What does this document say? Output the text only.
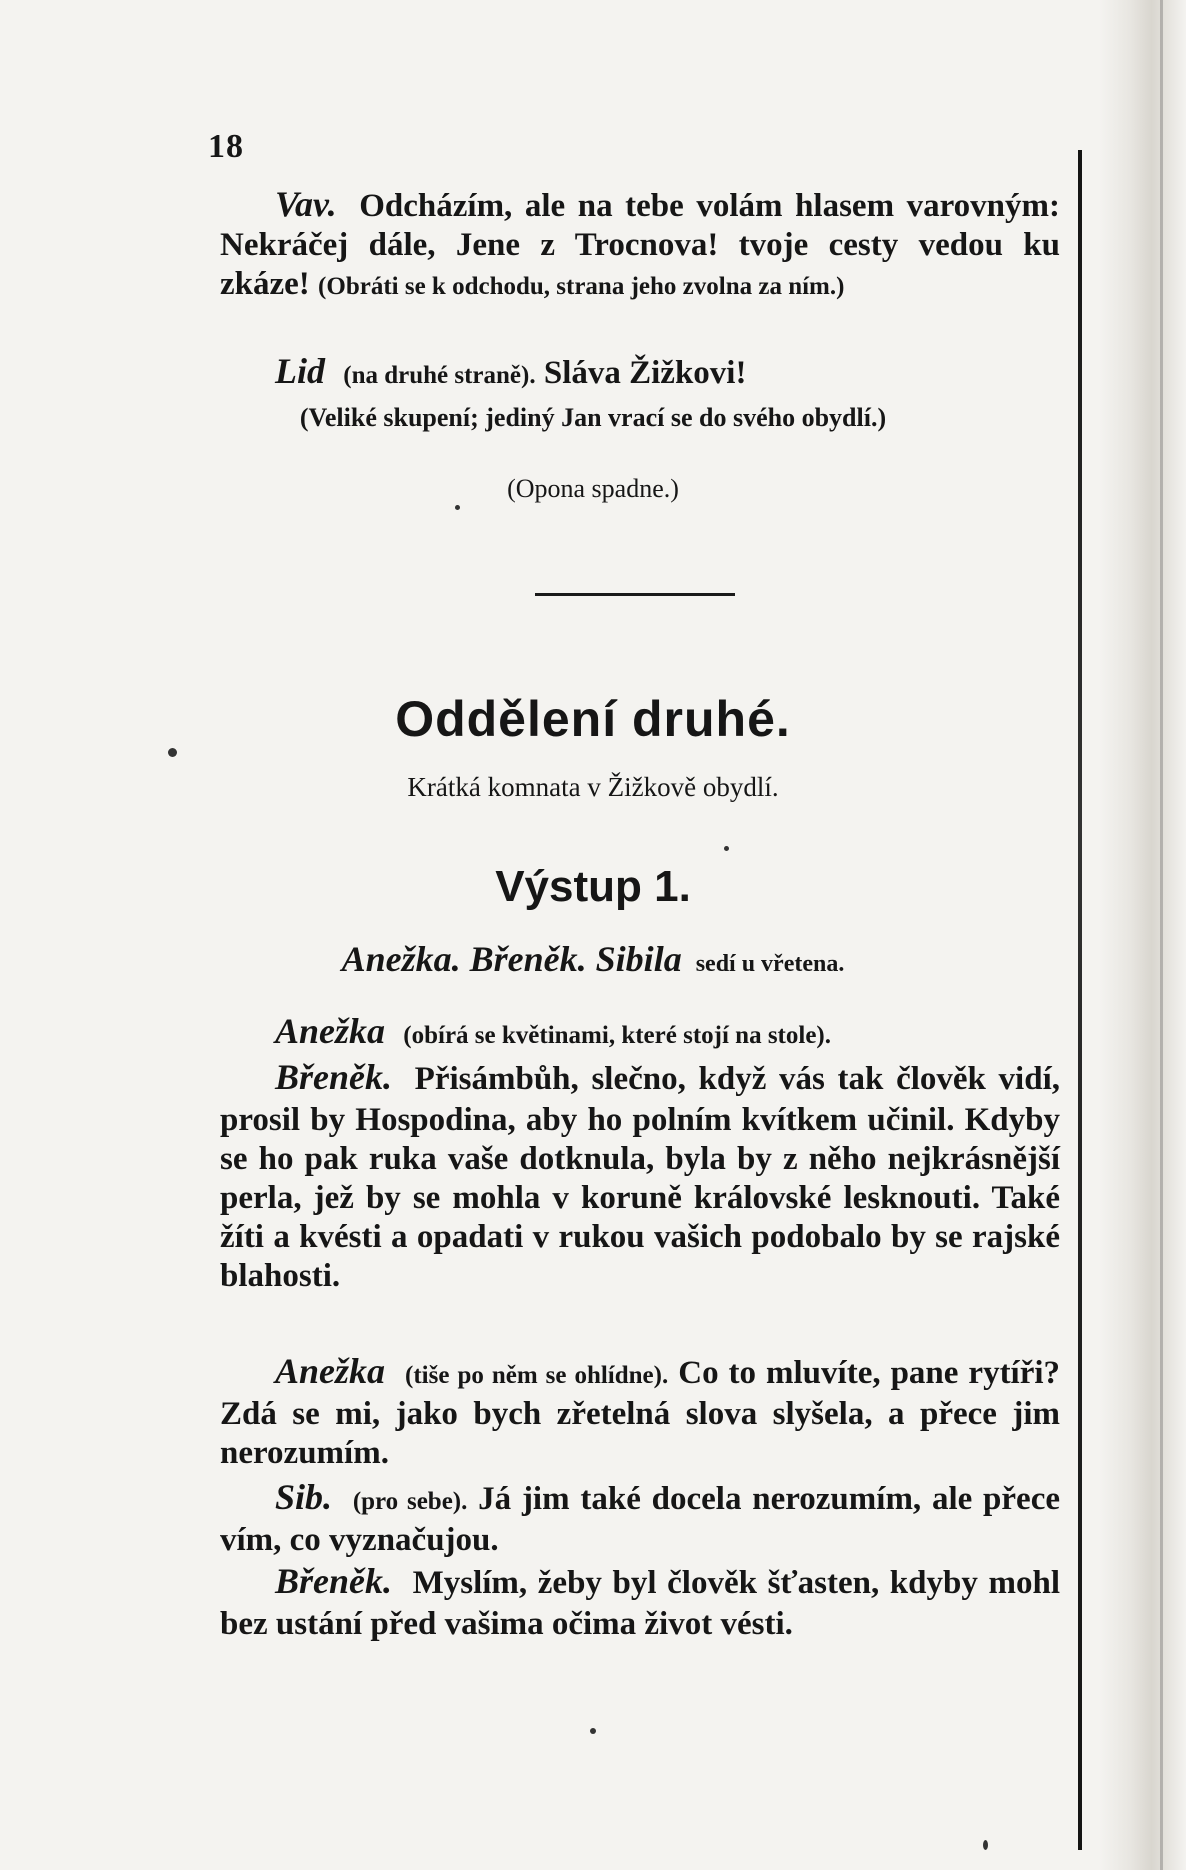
18
Vav. Odcházím, ale na tebe volám hlasem varovným: Nekráčej dále, Jene z Trocnova! tvoje cesty vedou ku zkáze! (Obráti se k odchodu, strana jeho zvolna za ním.)
Lid (na druhé straně). Sláva Žižkovi!
(Veliké skupení; jediný Jan vrací se do svého obydlí.)
(Opona spadne.)
Oddělení druhé.
Krátká komnata v Žižkově obydlí.
Výstup 1.
Anežka. Břeněk. Sibila sedí u vřetena.
Anežka (obírá se květinami, které stojí na stole).
Břeněk. Přisámbůh, slečno, když vás tak člověk vidí, prosil by Hospodina, aby ho polním kvítkem učinil. Kdyby se ho pak ruka vaše dotknula, byla by z něho nejkrásnější perla, jež by se mohla v koruně královské lesknouti. Také žíti a kvésti a opadati v rukou vašich podobalo by se rajské blahosti.
Anežka (tiše po něm se ohlídne). Co to mluvíte, pane rytíři? Zdá se mi, jako bych zřetelná slova slyšela, a přece jim nerozumím.
Sib. (pro sebe). Já jim také docela nerozumím, ale přece vím, co vyznačujou.
Břeněk. Myslím, žeby byl člověk šťasten, kdyby mohl bez ustání před vašima očima život vésti.
